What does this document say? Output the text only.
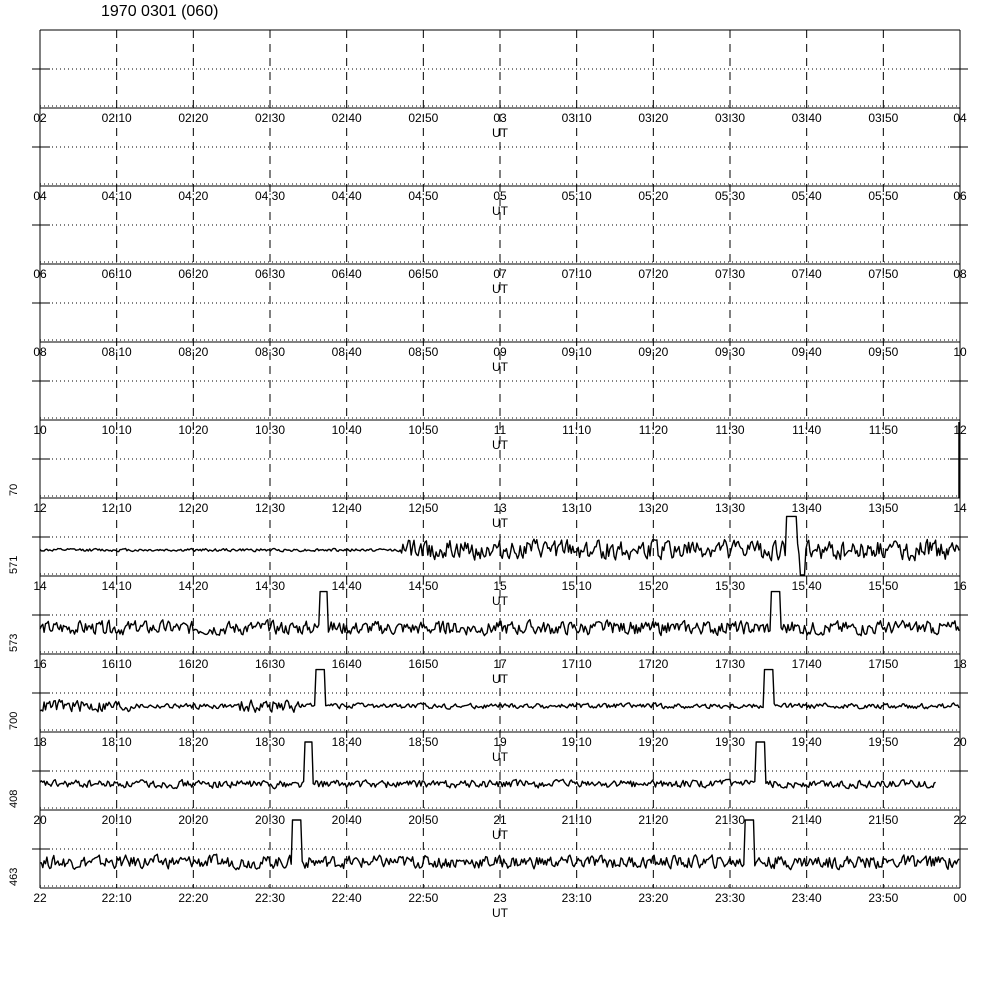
1970 0301 (060)
02	02:10	02:20	02:30	02:40	02:50	03	03:10	03:20	03:30	03:40	03:50	04
UT
04	04:10	04:20	04:30	04:40	04:50	05	05:10	05:20	05:30	05:40	05:50	06
UT
06	06:10	06:20	06:30	06:40	06:50	07	07:10	07:20	07:30	07:40	07:50	08
UT
08	08:10	08:20	08:30	08:40	08:50	09	09:10	09:20	09:30	09:40	09:50	10
UT
10	10:10	10:20	10:30	10:40	10:50	11	11:10	11:20	11:30	11:40	11:50	12
UT
70
12	12:10	12:20	12:30	12:40	12:50	13	13:10	13:20	13:30	13:40	13:50	14
UT
571
14	14:10	14:20	14:30	14:40	14:50	15	15:10	15:20	15:30	15:40	15:50	16
UT
573
16	16:10	16:20	16:30	16:40	16:50	17	17:10	17:20	17:30	17:40	17:50	18
UT
700
18	18:10	18:20	18:30	18:40	18:50	19	19:10	19:20	19:30	19:40	19:50	20
UT
408
20	20:10	20:20	20:30	20:40	20:50	21	21:10	21:20	21:30	21:40	21:50	22
UT
463
22	22:10	22:20	22:30	22:40	22:50	23	23:10	23:20	23:30	23:40	23:50	00
UT
